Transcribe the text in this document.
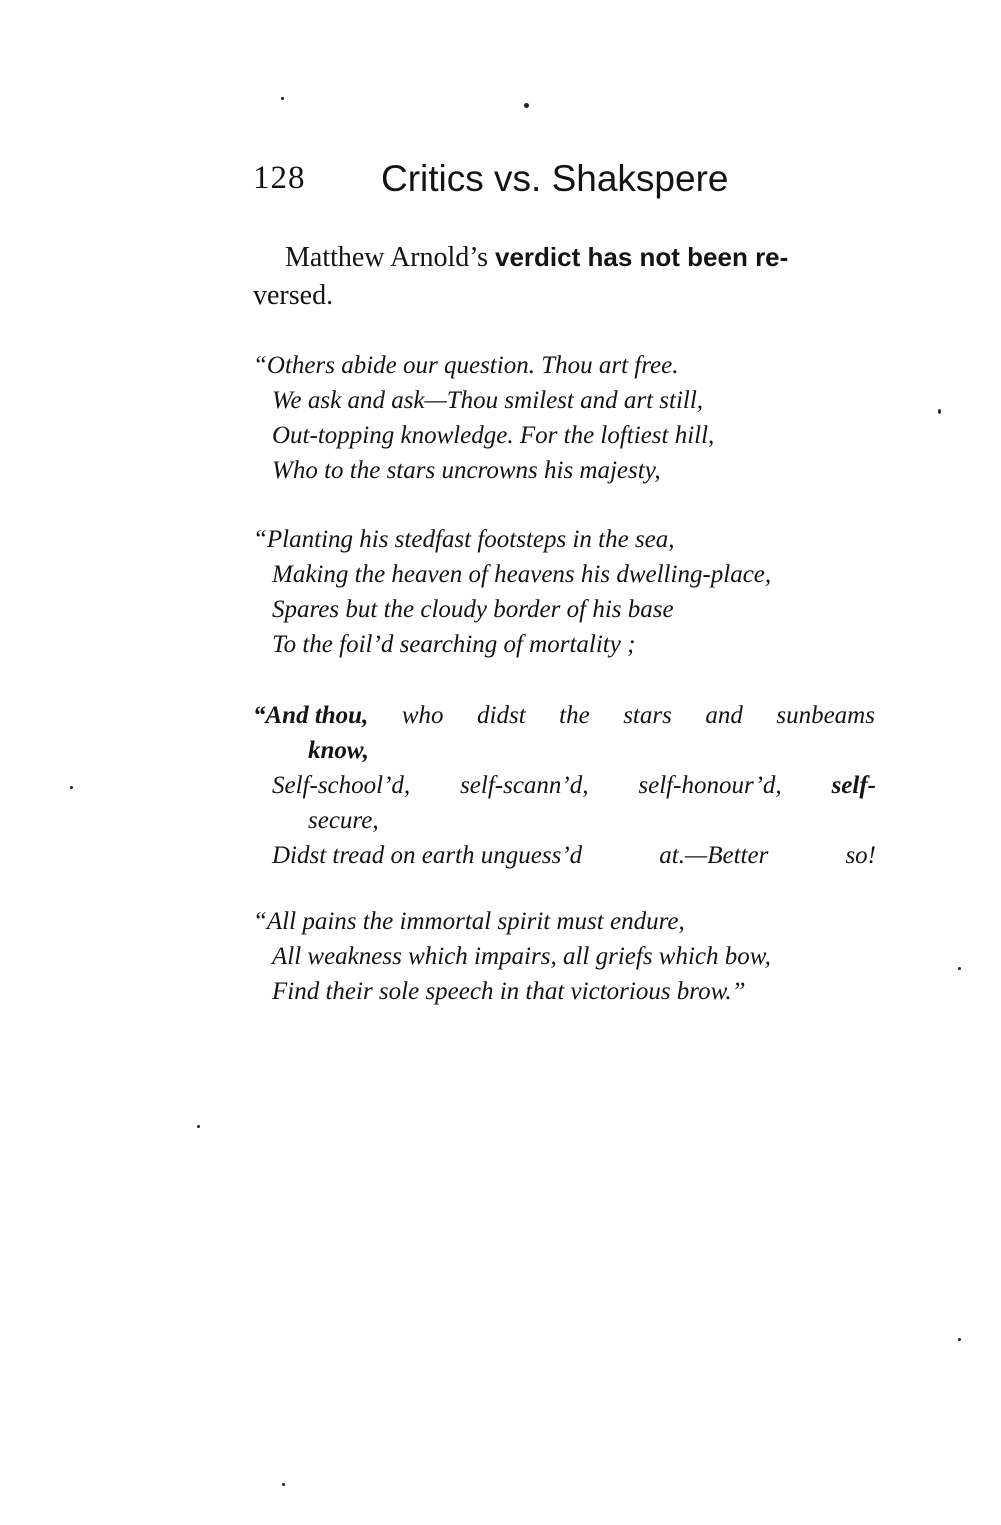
128 Critics vs. Shakspere
Matthew Arnold’s verdict has not been re-
versed.
“Others abide our question. Thou art free.
We ask and ask—Thou smilest and art still,
Out-topping knowledge. For the loftiest hill,
Who to the stars uncrowns his majesty,
“Planting his stedfast footsteps in the sea,
Making the heaven of heavens his dwelling-place,
Spares but the cloudy border of his base
To the foil’d searching of mortality ;
“And thou, who didst the stars and sunbeams
know,
Self-school’d, self-scann’d, self-honour’d, self-
secure,
Didst tread on earth unguess’d	at.—Better	so!
“All pains the immortal spirit must endure,
All weakness which impairs, all griefs which bow,
Find their sole speech in that victorious brow.”
